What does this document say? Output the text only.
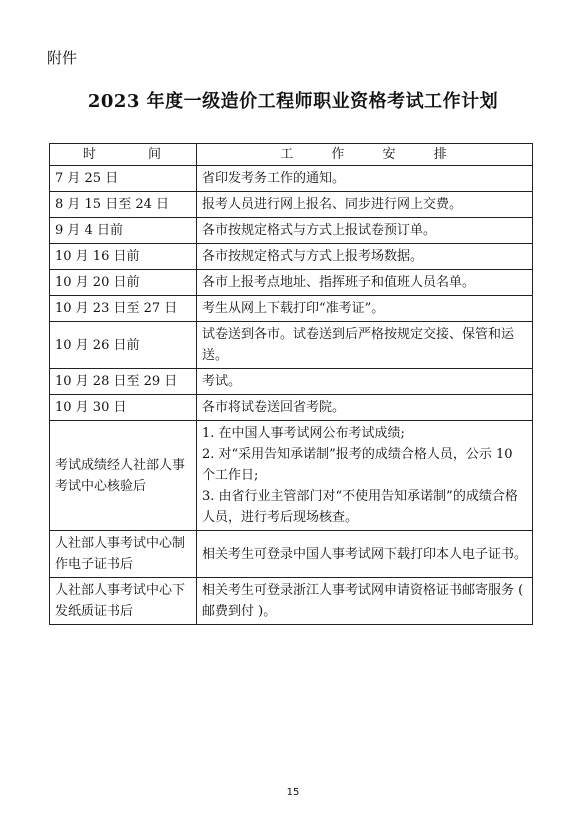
附件
2023 年度一级造价工程师职业资格考试工作计划
时 间	工 作 安 排
7 月 25 日	省印发考务工作的通知。

8 月 15 日至 24 日	报考人员进行网上报名、同步进行网上交费。

9 月 4 日前	各市按规定格式与方式上报试卷预订单。

10 月 16 日前	各市按规定格式与方式上报考场数据。

10 月 20 日前	各市上报考点地址、指挥班子和值班人员名单。

10 月 23 日至 27 日	考生从网上下载打印“准考证”。

10 月 26 日前	试卷送到各市。试卷送到后严格按规定交接、保管和运送。

10 月 28 日至 29 日	考试。

10 月 30 日	各市将试卷送回省考院。

考试成绩经人社部人事考试中心核验后	1. 在中国人事考试网公布考试成绩;
2. 对“采用告知承诺制”报考的成绩合格人员，公示 10 个工作日;
3. 由省行业主管部门对“不使用告知承诺制”的成绩合格人员，进行考后现场核查。

人社部人事考试中心制作电子证书后	相关考生可登录中国人事考试网下载打印本人电子证书。

人社部人事考试中心下发纸质证书后	相关考生可登录浙江人事考试网申请资格证书邮寄服务 ( 邮费到付 )。
15
